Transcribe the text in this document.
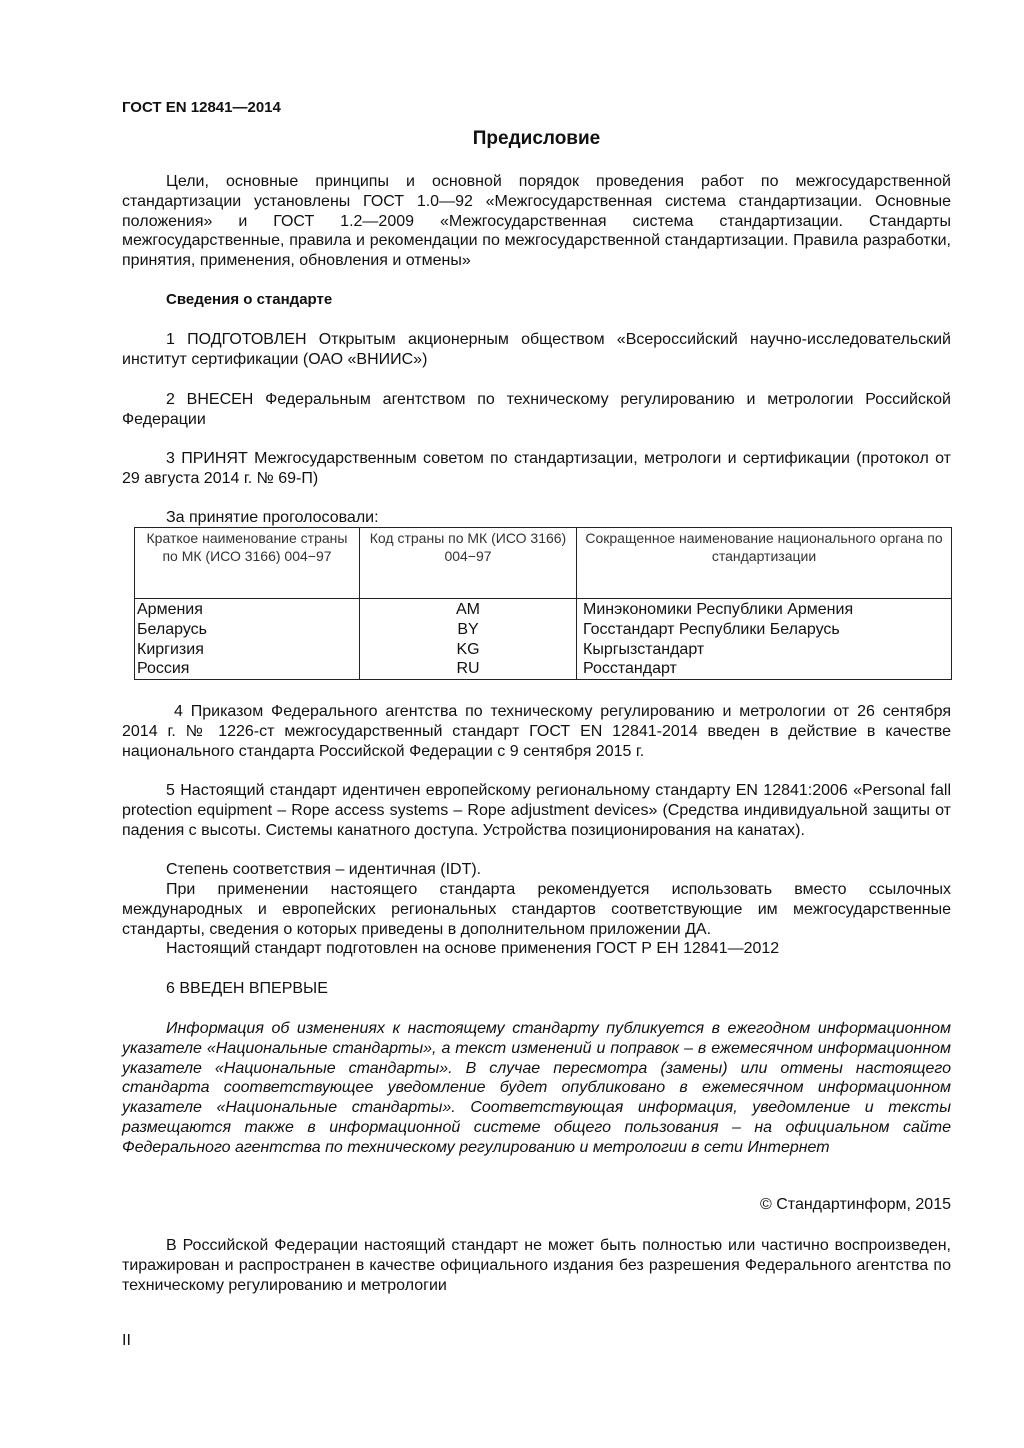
ГОСТ EN 12841—2014
Предисловие

Цели, основные принципы и основной порядок проведения работ по межгосударственной стандартизации установлены ГОСТ 1.0—92 «Межгосударственная система стандартизации. Основные положения» и ГОСТ 1.2—2009 «Межгосударственная система стандартизации. Стандарты межгосударственные, правила и рекомендации по межгосударственной стандартизации. Правила разработки, принятия, применения, обновления и отмены»

Сведения о стандарте

1 ПОДГОТОВЛЕН Открытым акционерным обществом «Всероссийский научно-исследовательский институт сертификации (ОАО «ВНИИС»)

2 ВНЕСЕН Федеральным агентством по техническому регулированию и метрологии Российской Федерации

3 ПРИНЯТ Межгосударственным советом по стандартизации, метрологи и сертификации (протокол от 29 августа 2014 г. № 69-П)

За принятие проголосовали:
Краткое наименование страны по МК (ИСО 3166) 004−97	Код страны по МК (ИСО 3166) 004−97	Сокращенное наименование национального органа по стандартизации
Армения	AM	Минэкономики Республики Армения
Беларусь	BY	Госстандарт Республики Беларусь
Киргизия	KG	Кыргызстандарт
Россия	RU	Росстандарт

4 Приказом Федерального агентства по техническому регулированию и метрологии от 26 сентября 2014 г. № 1226-ст межгосударственный стандарт ГОСТ EN 12841-2014 введен в действие в качестве национального стандарта Российской Федерации с 9 сентября 2015 г.

5 Настоящий стандарт идентичен европейскому региональному стандарту EN 12841:2006 «Personal fall protection equipment – Rope access systems – Rope adjustment devices» (Средства индивидуальной защиты от падения с высоты. Системы канатного доступа. Устройства позиционирования на канатах).

Степень соответствия – идентичная (IDT).

При применении настоящего стандарта рекомендуется использовать вместо ссылочных международных и европейских региональных стандартов соответствующие им межгосударственные стандарты, сведения о которых приведены в дополнительном приложении ДА.

Настоящий стандарт подготовлен на основе применения ГОСТ Р ЕН 12841—2012

6 ВВЕДЕН ВПЕРВЫЕ

Информация об изменениях к настоящему стандарту публикуется в ежегодном информационном указателе «Национальные стандарты», а текст изменений и поправок – в ежемесячном информационном указателе «Национальные стандарты». В случае пересмотра (замены) или отмены настоящего стандарта соответствующее уведомление будет опубликовано в ежемесячном информационном указателе «Национальные стандарты». Соответствующая информация, уведомление и тексты размещаются также в информационной системе общего пользования – на официальном сайте Федерального агентства по техническому регулированию и метрологии в сети Интернет

© Стандартинформ, 2015

В Российской Федерации настоящий стандарт не может быть полностью или частично воспроизведен, тиражирован и распространен в качестве официального издания без разрешения Федерального агентства по техническому регулированию и метрологии

II
